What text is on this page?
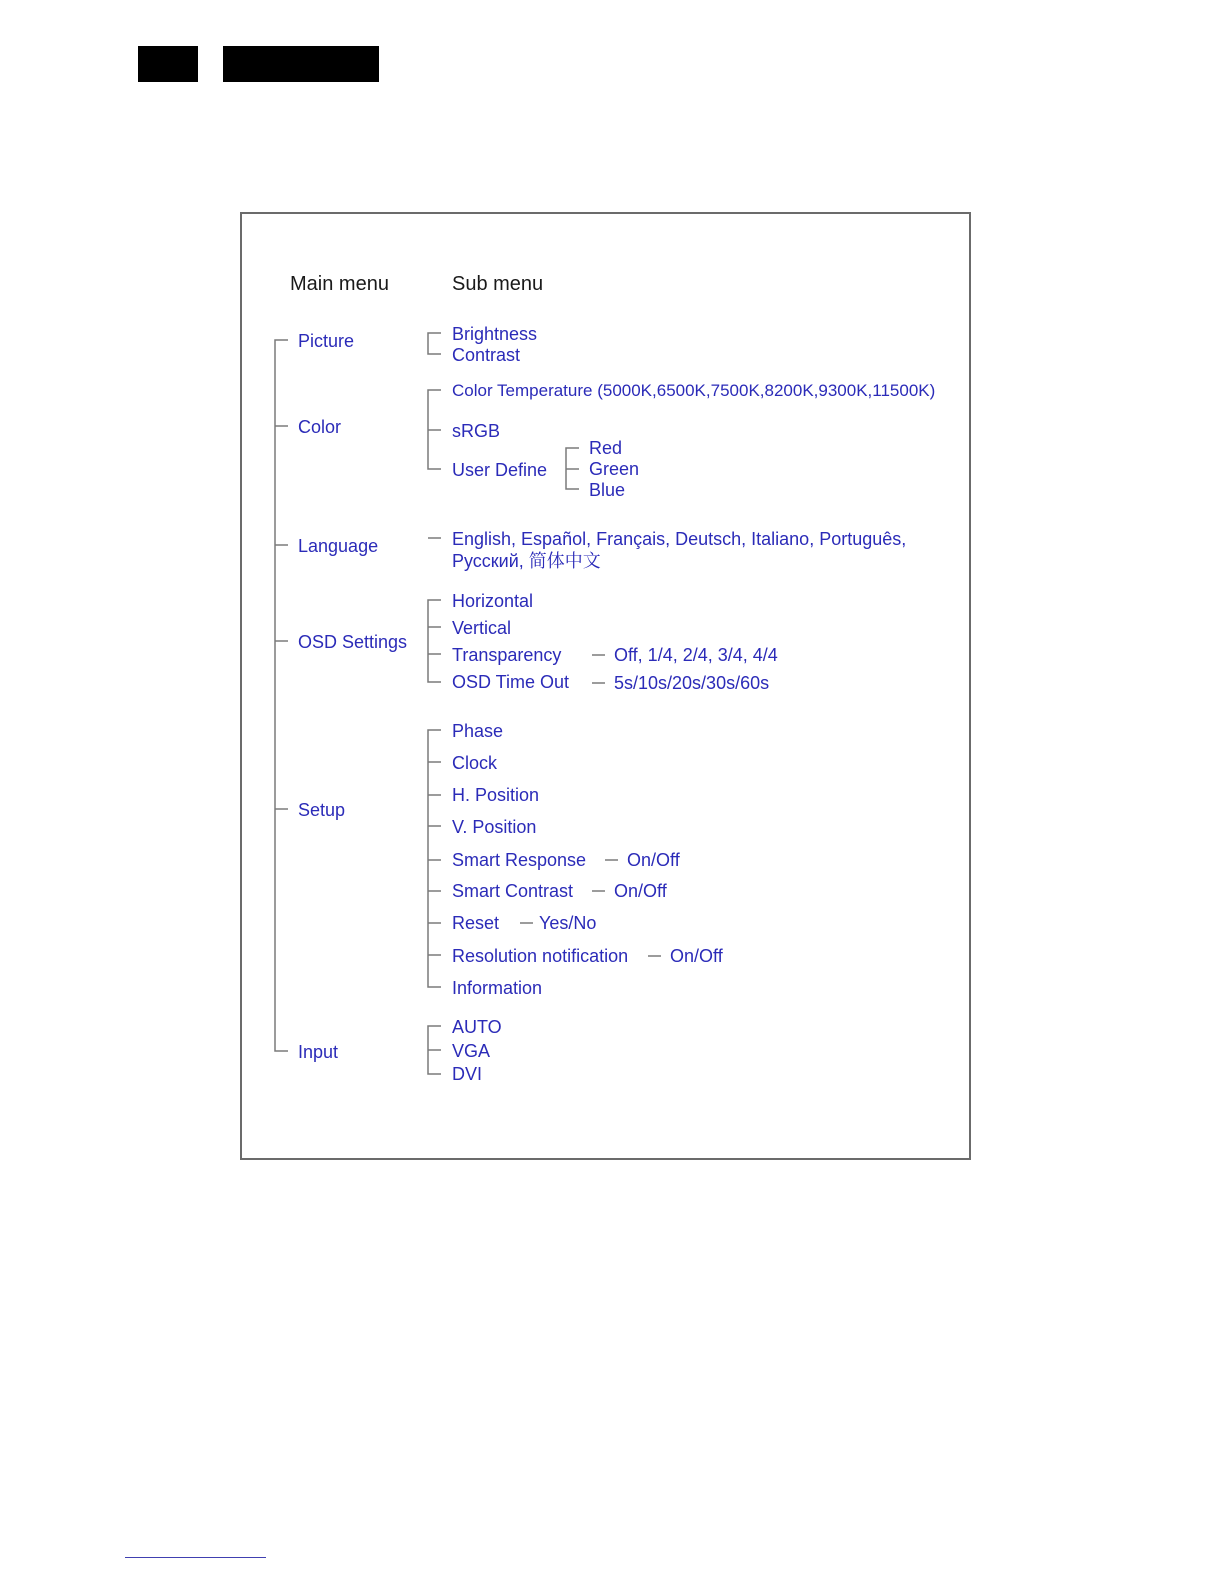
Main menu	Sub menu
Picture
Color
Language
OSD Settings
Setup
Input
Brightness
Contrast
Color Temperature (5000K,6500K,7500K,8200K,9300K,11500K)
sRGB
User Define
Red
Green
Blue
English, Español, Français, Deutsch, Italiano, Português,
Русский, 简体中文
Horizontal
Vertical
Transparency	Off, 1/4, 2/4, 3/4, 4/4
OSD Time Out 5s/10s/20s/30s/60s
Phase
Clock
H. Position
V. Position
Smart Response On/Off
Smart Contrast On/Off
Reset Yes/No
Resolution notification On/Off
Information
AUTO
VGA
DVI
